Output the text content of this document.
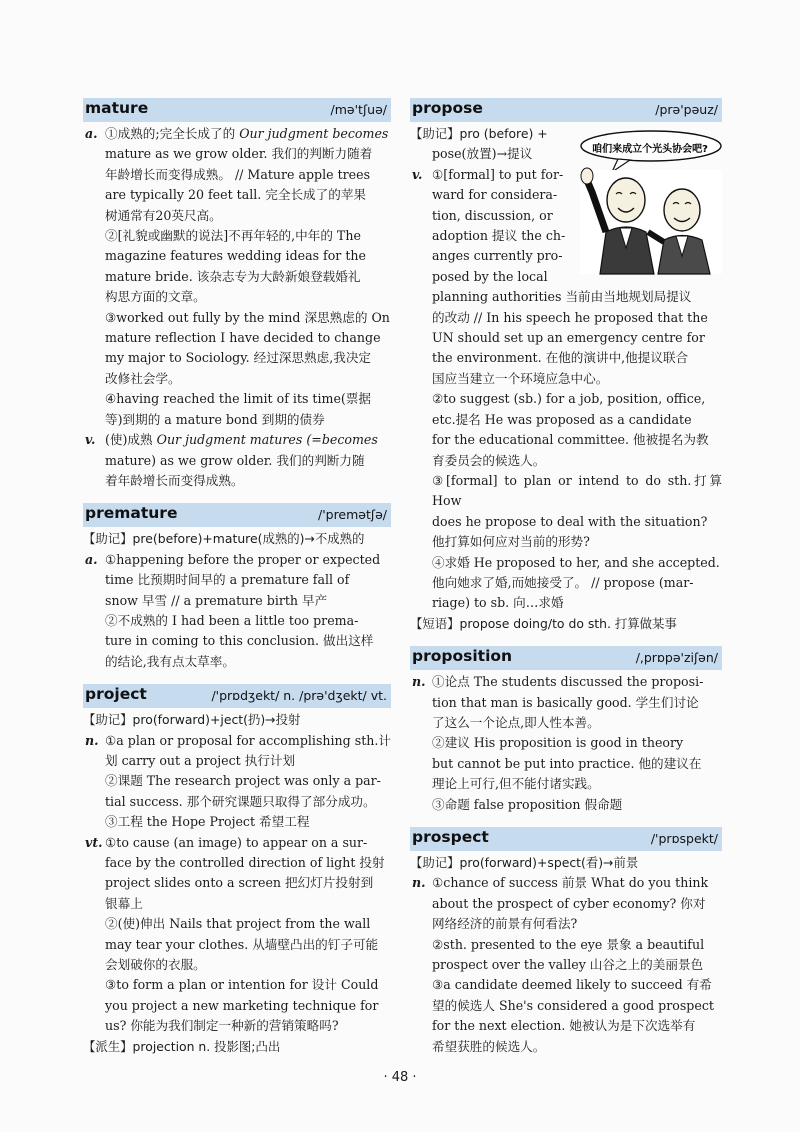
mature	/mə'tʃuə/

a. ①成熟的;完全长成了的 Our judgment becomes

mature as we grow older. 我们的判断力随着

年龄增长而变得成熟。 // Mature apple trees

are typically 20 feet tall. 完全长成了的苹果

树通常有20英尺高。

②[礼貌或幽默的说法]不再年轻的,中年的 The

magazine features wedding ideas for the

mature bride. 该杂志专为大龄新娘登载婚礼

构思方面的文章。

③worked out fully by the mind 深思熟虑的 On

mature reflection I have decided to change

my major to Sociology. 经过深思熟虑,我决定

改修社会学。

④having reached the limit of its time(票据

等)到期的 a mature bond 到期的债券

v. (使)成熟 Our judgment matures (=becomes

mature) as we grow older. 我们的判断力随

着年龄增长而变得成熟。

premature	/'premətʃə/

【助记】pre(before)+mature(成熟的)→不成熟的

a. ①happening before the proper or expected

time 比预期时间早的 a premature fall of

snow 早雪 // a premature birth 早产

②不成熟的 I had been a little too prema-

ture in coming to this conclusion. 做出这样

的结论,我有点太草率。

project	/'prɒdʒekt/ n. /prə'dʒekt/ vt.

【助记】pro(forward)+ject(扔)→投射

n. ①a plan or proposal for accomplishing sth.计

划 carry out a project 执行计划

②课题 The research project was only a par-

tial success. 那个研究课题只取得了部分成功。

③工程 the Hope Project 希望工程

vt. ①to cause (an image) to appear on a sur-

face by the controlled direction of light 投射

project slides onto a screen 把幻灯片投射到

银幕上

②(使)伸出 Nails that project from the wall

may tear your clothes. 从墙壁凸出的钉子可能

会划破你的衣服。

③to form a plan or intention for 设计 Could

you project a new marketing technique for

us? 你能为我们制定一种新的营销策略吗?

【派生】projection n. 投影图;凸出

propose	/prə'pəuz/
咱们来成立个光头协会吧?

【助记】pro (before) +

pose(放置)→提议

v. ①[formal] to put for-

ward for considera-

tion, discussion, or

adoption 提议 the ch-

anges currently pro-

posed by the local

planning authorities 当前由当地规划局提议

的改动 // In his speech he proposed that the

UN should set up an emergency centre for

the environment. 在他的演讲中,他提议联合

国应当建立一个环境应急中心。

②to suggest (sb.) for a job, position, office,

etc.提名 He was proposed as a candidate

for the educational committee. 他被提名为教

育委员会的候选人。

③[formal] to plan or intend to do sth.打算 How

does he propose to deal with the situation?

他打算如何应对当前的形势?

④求婚 He proposed to her, and she accepted.

他向她求了婚,而她接受了。 // propose (mar-

riage) to sb. 向…求婚

【短语】propose doing/to do sth. 打算做某事

proposition	/,prɒpə'ziʃən/

n. ①论点 The students discussed the proposi-

tion that man is basically good. 学生们讨论

了这么一个论点,即人性本善。

②建议 His proposition is good in theory

but cannot be put into practice. 他的建议在

理论上可行,但不能付诸实践。

③命题 false proposition 假命题

prospect	/'prɒspekt/

【助记】pro(forward)+spect(看)→前景

n. ①chance of success 前景 What do you think

about the prospect of cyber economy? 你对

网络经济的前景有何看法?

②sth. presented to the eye 景象 a beautiful

prospect over the valley 山谷之上的美丽景色

③a candidate deemed likely to succeed 有希

望的候选人 She's considered a good prospect

for the next election. 她被认为是下次选举有

希望获胜的候选人。

· 48 ·
